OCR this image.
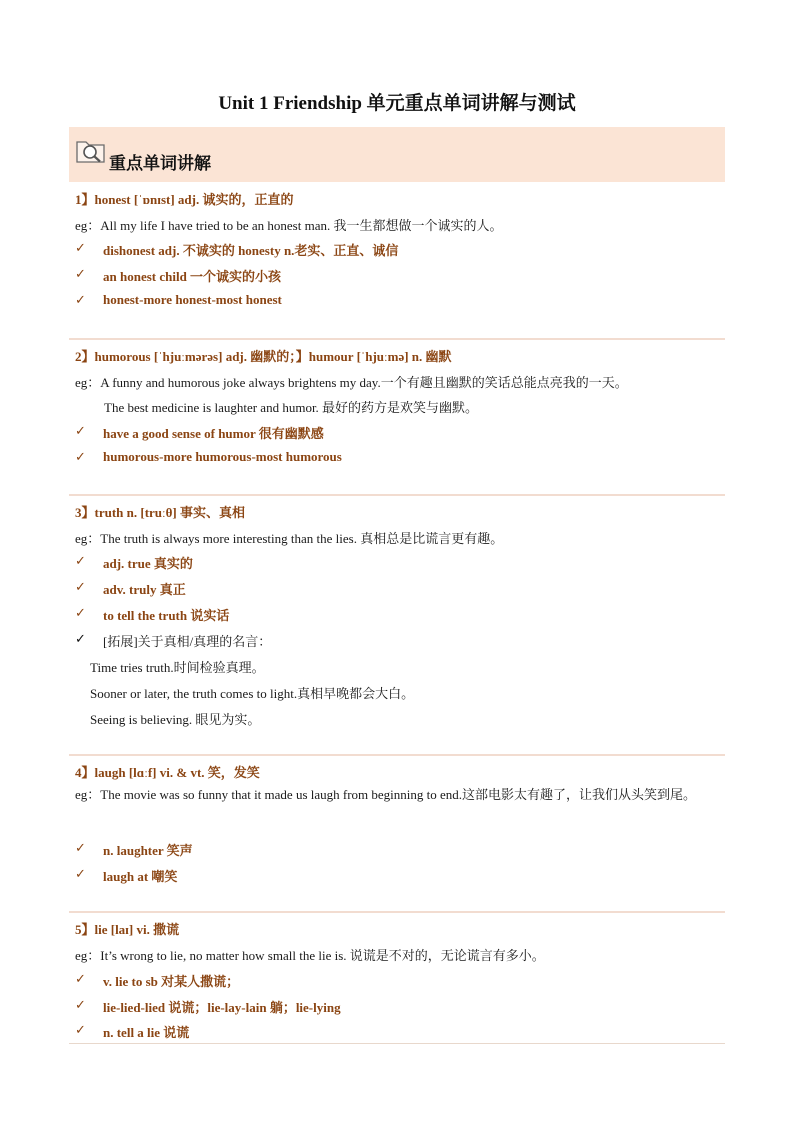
Unit 1 Friendship 单元重点单词讲解与测试
重点单词讲解
1】honest [ˈɒnɪst] adj. 诚实的，正直的
eg：All my life I have tried to be an honest man. 我一生都想做一个诚实的人。
✓ dishonest adj. 不诚实的 honesty n.老实、正直、诚信
✓ an honest child 一个诚实的小孩
✓ honest-more honest-most honest
2】humorous [ˈhjuːmərəs] adj. 幽默的；】humour [ˈhjuːmə] n. 幽默
eg：A funny and humorous joke always brightens my day.一个有趣且幽默的笑话总能点亮我的一天。
The best medicine is laughter and humor. 最好的药方是欢笑与幽默。
✓ have a good sense of humor 很有幽默感
✓ humorous-more humorous-most humorous
3】truth n. [truːθ] 事实、真相
eg：The truth is always more interesting than the lies. 真相总是比谎言更有趣。
✓ adj. true 真实的
✓ adv. truly 真正
✓ to tell the truth 说实话
✓ [拓展]关于真相/真理的名言：
Time tries truth.时间检验真理。
Sooner or later, the truth comes to light.真相早晚都会大白。
Seeing is believing. 眼见为实。
4】laugh [lɑːf] vi. & vt. 笑，发笑
eg：The movie was so funny that it made us laugh from beginning to end.这部电影太有趣了，让我们从头笑到尾。
✓ n. laughter 笑声
✓ laugh at 嘲笑
5】lie [laɪ] vi. 撒谎
eg：It’s wrong to lie, no matter how small the lie is. 说谎是不对的，无论谎言有多小。
✓ v. lie to sb 对某人撒谎；
✓ lie-lied-lied 说谎；lie-lay-lain 躺；lie-lying
✓ n. tell a lie 说谎
